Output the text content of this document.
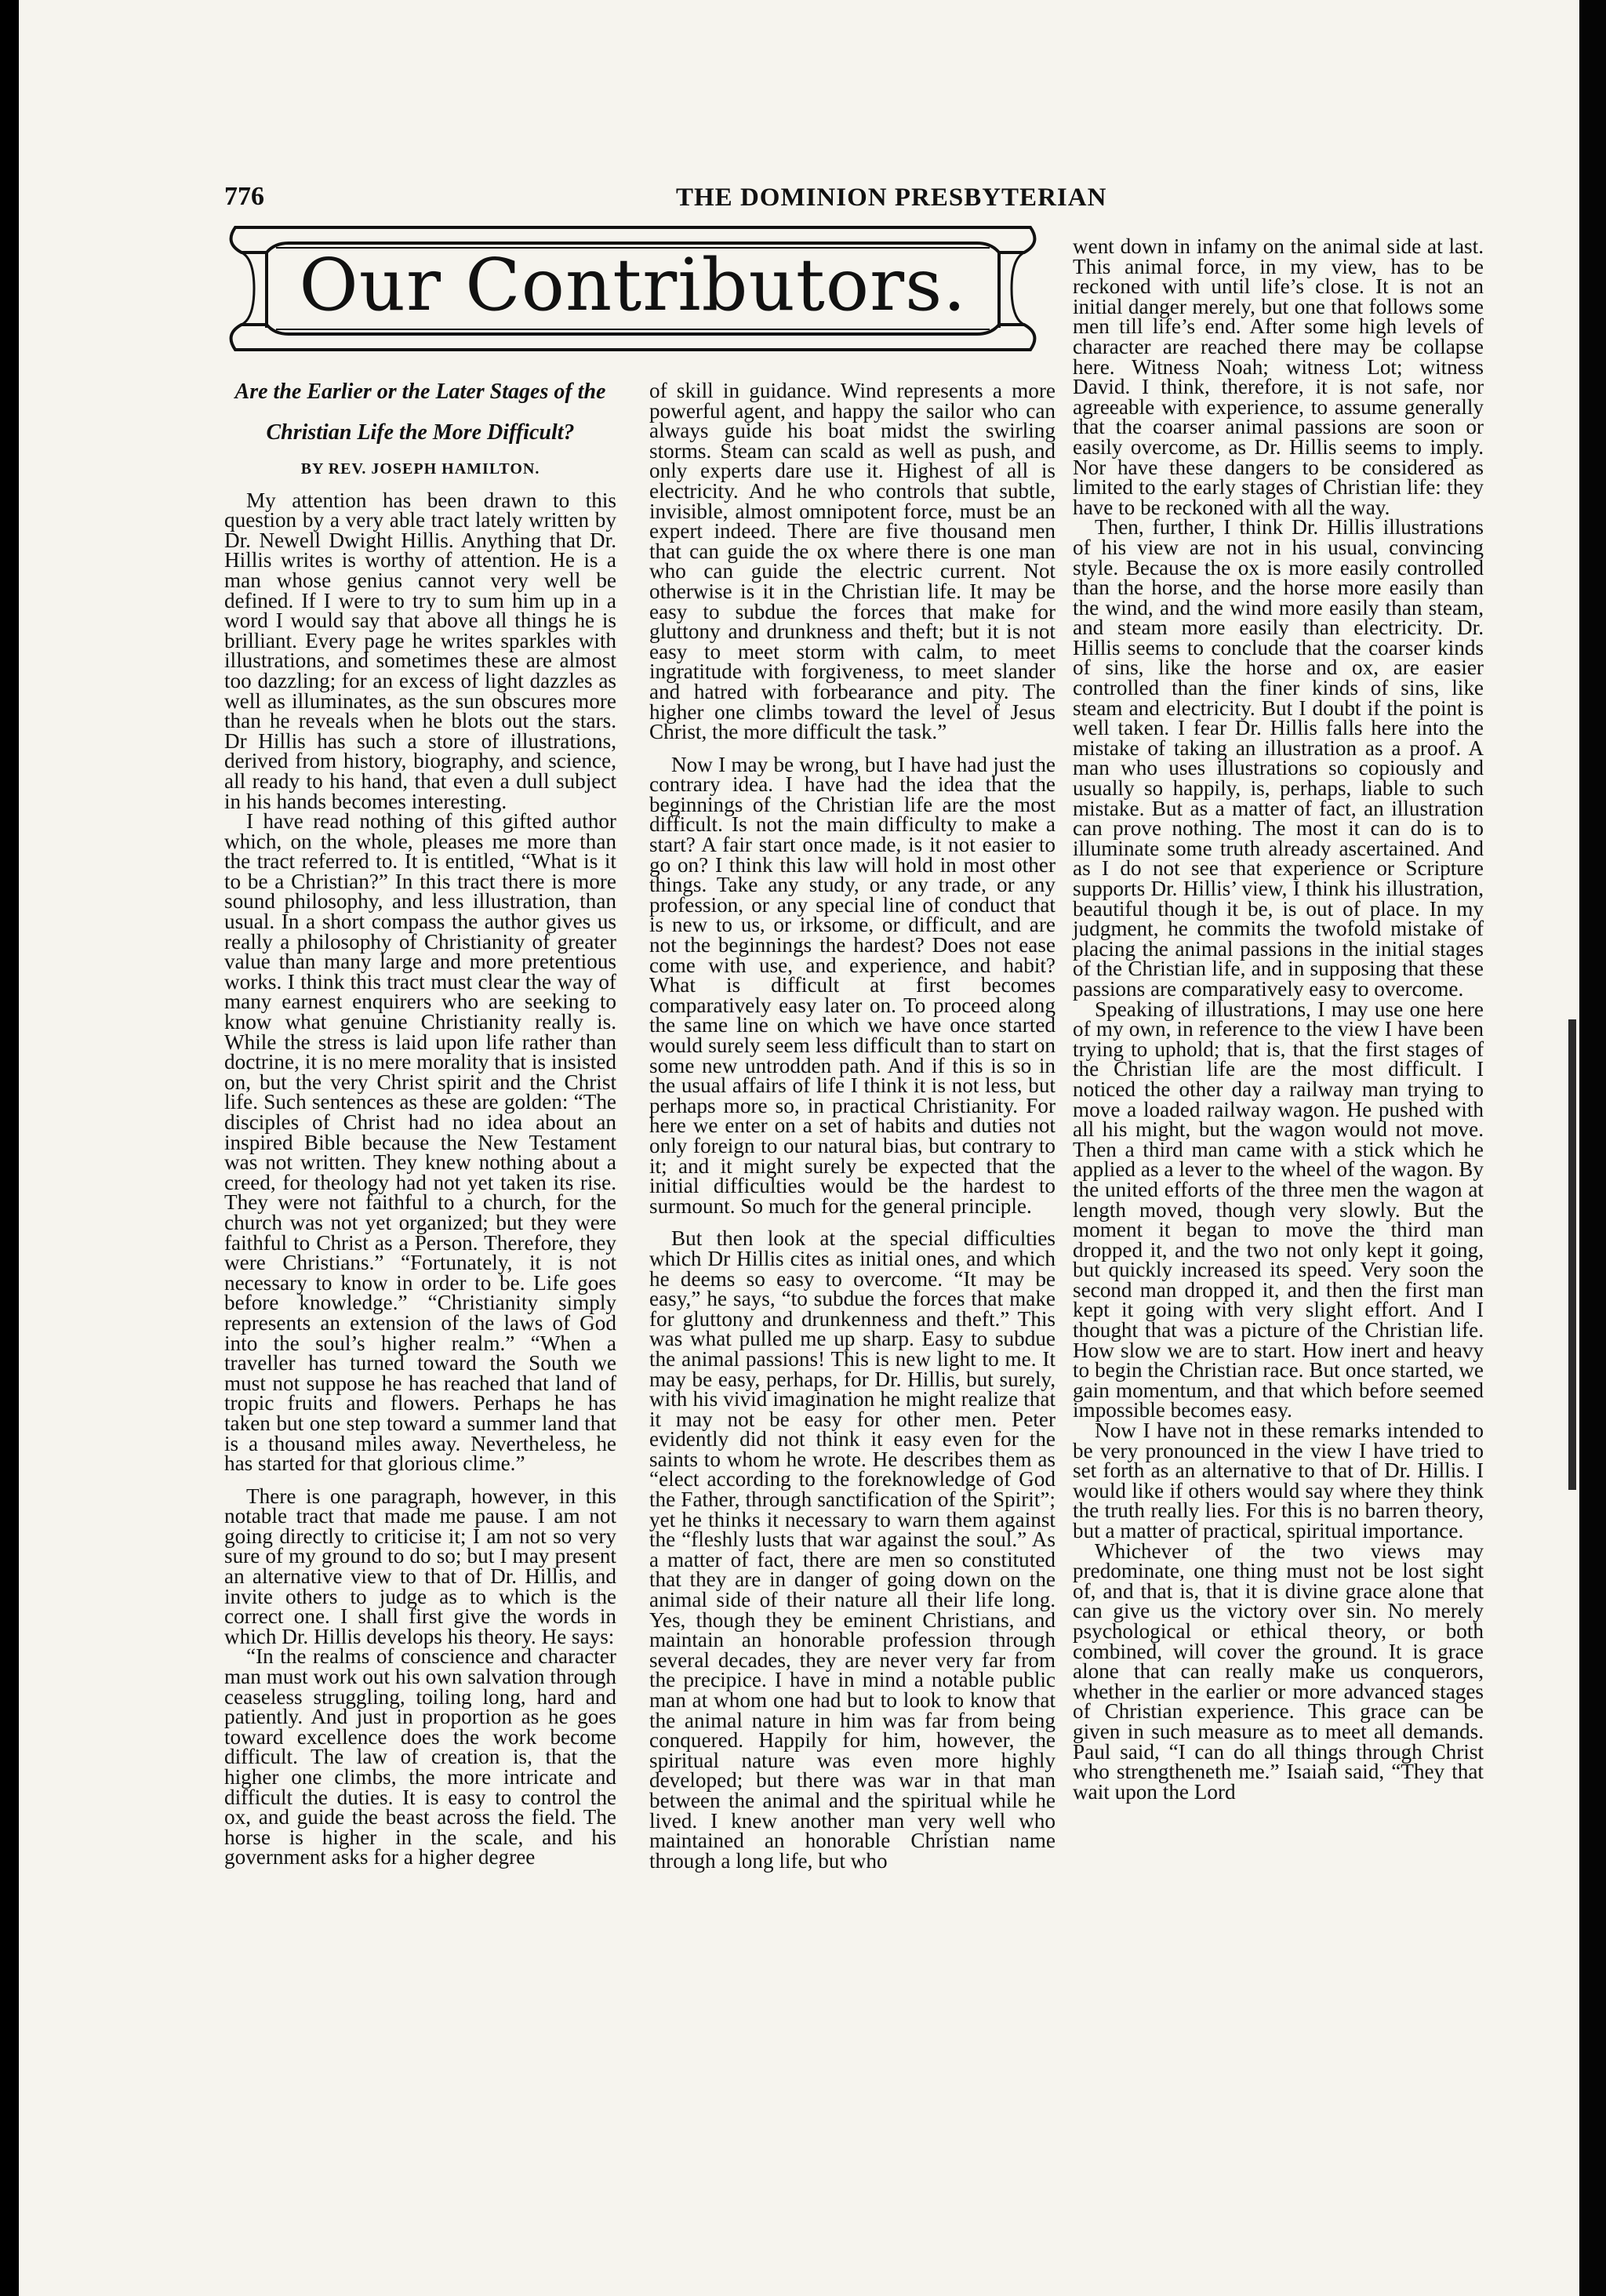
776	THE DOMINION PRESBYTERIAN
Our Contributors.
Are the Earlier or the Later Stages of the Christian Life the More Difficult?
BY REV. JOSEPH HAMILTON.

My attention has been drawn to this question by a very able tract lately written by Dr. Newell Dwight Hillis. Anything that Dr. Hillis writes is worthy of attention. He is a man whose genius cannot very well be defined. If I were to try to sum him up in a word I would say that above all things he is brilliant. Every page he writes sparkles with illustrations, and sometimes these are almost too dazzling; for an excess of light dazzles as well as illuminates, as the sun obscures more than he reveals when he blots out the stars. Dr Hillis has such a store of illustrations, derived from history, biography, and science, all ready to his hand, that even a dull subject in his hands becomes interesting.

I have read nothing of this gifted author which, on the whole, pleases me more than the tract referred to. It is entitled, “What is it to be a Christian?” In this tract there is more sound philosophy, and less illustration, than usual. In a short compass the author gives us really a philosophy of Christianity of greater value than many large and more pretentious works. I think this tract must clear the way of many earnest enquirers who are seeking to know what genuine Christianity really is. While the stress is laid upon life rather than doctrine, it is no mere morality that is insisted on, but the very Christ spirit and the Christ life. Such sentences as these are golden: “The disciples of Christ had no idea about an inspired Bible because the New Testament was not written. They knew nothing about a creed, for theology had not yet taken its rise. They were not faithful to a church, for the church was not yet organized; but they were faithful to Christ as a Person. Therefore, they were Christians.” “Fortunately, it is not necessary to know in order to be. Life goes before knowledge.” “Christianity simply represents an extension of the laws of God into the soul’s higher realm.” “When a traveller has turned toward the South we must not suppose he has reached that land of tropic fruits and flowers. Perhaps he has taken but one step toward a summer land that is a thousand miles away. Nevertheless, he has started for that glorious clime.”

There is one paragraph, however, in this notable tract that made me pause. I am not going directly to criticise it; I am not so very sure of my ground to do so; but I may present an alternative view to that of Dr. Hillis, and invite others to judge as to which is the correct one. I shall first give the words in which Dr. Hillis develops his theory. He says:

“In the realms of conscience and character man must work out his own salvation through ceaseless struggling, toiling long, hard and patiently. And just in proportion as he goes toward excellence does the work become difficult. The law of creation is, that the higher one climbs, the more intricate and difficult the duties. It is easy to control the ox, and guide the beast across the field. The horse is higher in the scale, and his government asks for a higher degree

of skill in guidance. Wind represents a more powerful agent, and happy the sailor who can always guide his boat midst the swirling storms. Steam can scald as well as push, and only experts dare use it. Highest of all is electricity. And he who controls that subtle, invisible, almost omnipotent force, must be an expert indeed. There are five thousand men that can guide the ox where there is one man who can guide the electric current. Not otherwise is it in the Christian life. It may be easy to subdue the forces that make for gluttony and drunkness and theft; but it is not easy to meet storm with calm, to meet ingratitude with forgiveness, to meet slander and hatred with forbearance and pity. The higher one climbs toward the level of Jesus Christ, the more difficult the task.”

Now I may be wrong, but I have had just the contrary idea. I have had the idea that the beginnings of the Christian life are the most difficult. Is not the main difficulty to make a start? A fair start once made, is it not easier to go on? I think this law will hold in most other things. Take any study, or any trade, or any profession, or any special line of conduct that is new to us, or irksome, or difficult, and are not the beginnings the hardest? Does not ease come with use, and experience, and habit? What is difficult at first becomes comparatively easy later on. To proceed along the same line on which we have once started would surely seem less difficult than to start on some new untrodden path. And if this is so in the usual affairs of life I think it is not less, but perhaps more so, in practical Christianity. For here we enter on a set of habits and duties not only foreign to our natural bias, but contrary to it; and it might surely be expected that the initial difficulties would be the hardest to surmount. So much for the general principle.

But then look at the special difficulties which Dr Hillis cites as initial ones, and which he deems so easy to overcome. “It may be easy,” he says, “to subdue the forces that make for gluttony and drunkenness and theft.” This was what pulled me up sharp. Easy to subdue the animal passions! This is new light to me. It may be easy, perhaps, for Dr. Hillis, but surely, with his vivid imagination he might realize that it may not be easy for other men. Peter evidently did not think it easy even for the saints to whom he wrote. He describes them as “elect according to the foreknowledge of God the Father, through sanctification of the Spirit”; yet he thinks it necessary to warn them against the “fleshly lusts that war against the soul.” As a matter of fact, there are men so constituted that they are in danger of going down on the animal side of their nature all their life long. Yes, though they be eminent Christians, and maintain an honorable profession through several decades, they are never very far from the precipice. I have in mind a notable public man at whom one had but to look to know that the animal nature in him was far from being conquered. Happily for him, however, the spiritual nature was even more highly developed; but there was war in that man between the animal and the spiritual while he lived. I knew another man very well who maintained an honorable Christian name through a long life, but who

went down in infamy on the animal side at last. This animal force, in my view, has to be reckoned with until life’s close. It is not an initial danger merely, but one that follows some men till life’s end. After some high levels of character are reached there may be collapse here. Witness Noah; witness Lot; witness David. I think, therefore, it is not safe, nor agreeable with experience, to assume generally that the coarser animal passions are soon or easily overcome, as Dr. Hillis seems to imply. Nor have these dangers to be considered as limited to the early stages of Christian life: they have to be reckoned with all the way.

Then, further, I think Dr. Hillis illustrations of his view are not in his usual, convincing style. Because the ox is more easily controlled than the horse, and the horse more easily than the wind, and the wind more easily than steam, and steam more easily than electricity. Dr. Hillis seems to conclude that the coarser kinds of sins, like the horse and ox, are easier controlled than the finer kinds of sins, like steam and electricity. But I doubt if the point is well taken. I fear Dr. Hillis falls here into the mistake of taking an illustration as a proof. A man who uses illustrations so copiously and usually so happily, is, perhaps, liable to such mistake. But as a matter of fact, an illustration can prove nothing. The most it can do is to illuminate some truth already ascertained. And as I do not see that experience or Scripture supports Dr. Hillis’ view, I think his illustration, beautiful though it be, is out of place. In my judgment, he commits the twofold mistake of placing the animal passions in the initial stages of the Christian life, and in supposing that these passions are comparatively easy to overcome.

Speaking of illustrations, I may use one here of my own, in reference to the view I have been trying to uphold; that is, that the first stages of the Christian life are the most difficult. I noticed the other day a railway man trying to move a loaded railway wagon. He pushed with all his might, but the wagon would not move. Then a third man came with a stick which he applied as a lever to the wheel of the wagon. By the united efforts of the three men the wagon at length moved, though very slowly. But the moment it began to move the third man dropped it, and the two not only kept it going, but quickly increased its speed. Very soon the second man dropped it, and then the first man kept it going with very slight effort. And I thought that was a picture of the Christian life. How slow we are to start. How inert and heavy to begin the Christian race. But once started, we gain momentum, and that which before seemed impossible becomes easy.

Now I have not in these remarks intended to be very pronounced in the view I have tried to set forth as an alternative to that of Dr. Hillis. I would like if others would say where they think the truth really lies. For this is no barren theory, but a matter of practical, spiritual importance.

Whichever of the two views may predominate, one thing must not be lost sight of, and that is, that it is divine grace alone that can give us the victory over sin. No merely psychological or ethical theory, or both combined, will cover the ground. It is grace alone that can really make us conquerors, whether in the earlier or more advanced stages of Christian experience. This grace can be given in such measure as to meet all demands. Paul said, “I can do all things through Christ who strengtheneth me.” Isaiah said, “They that wait upon the Lord
